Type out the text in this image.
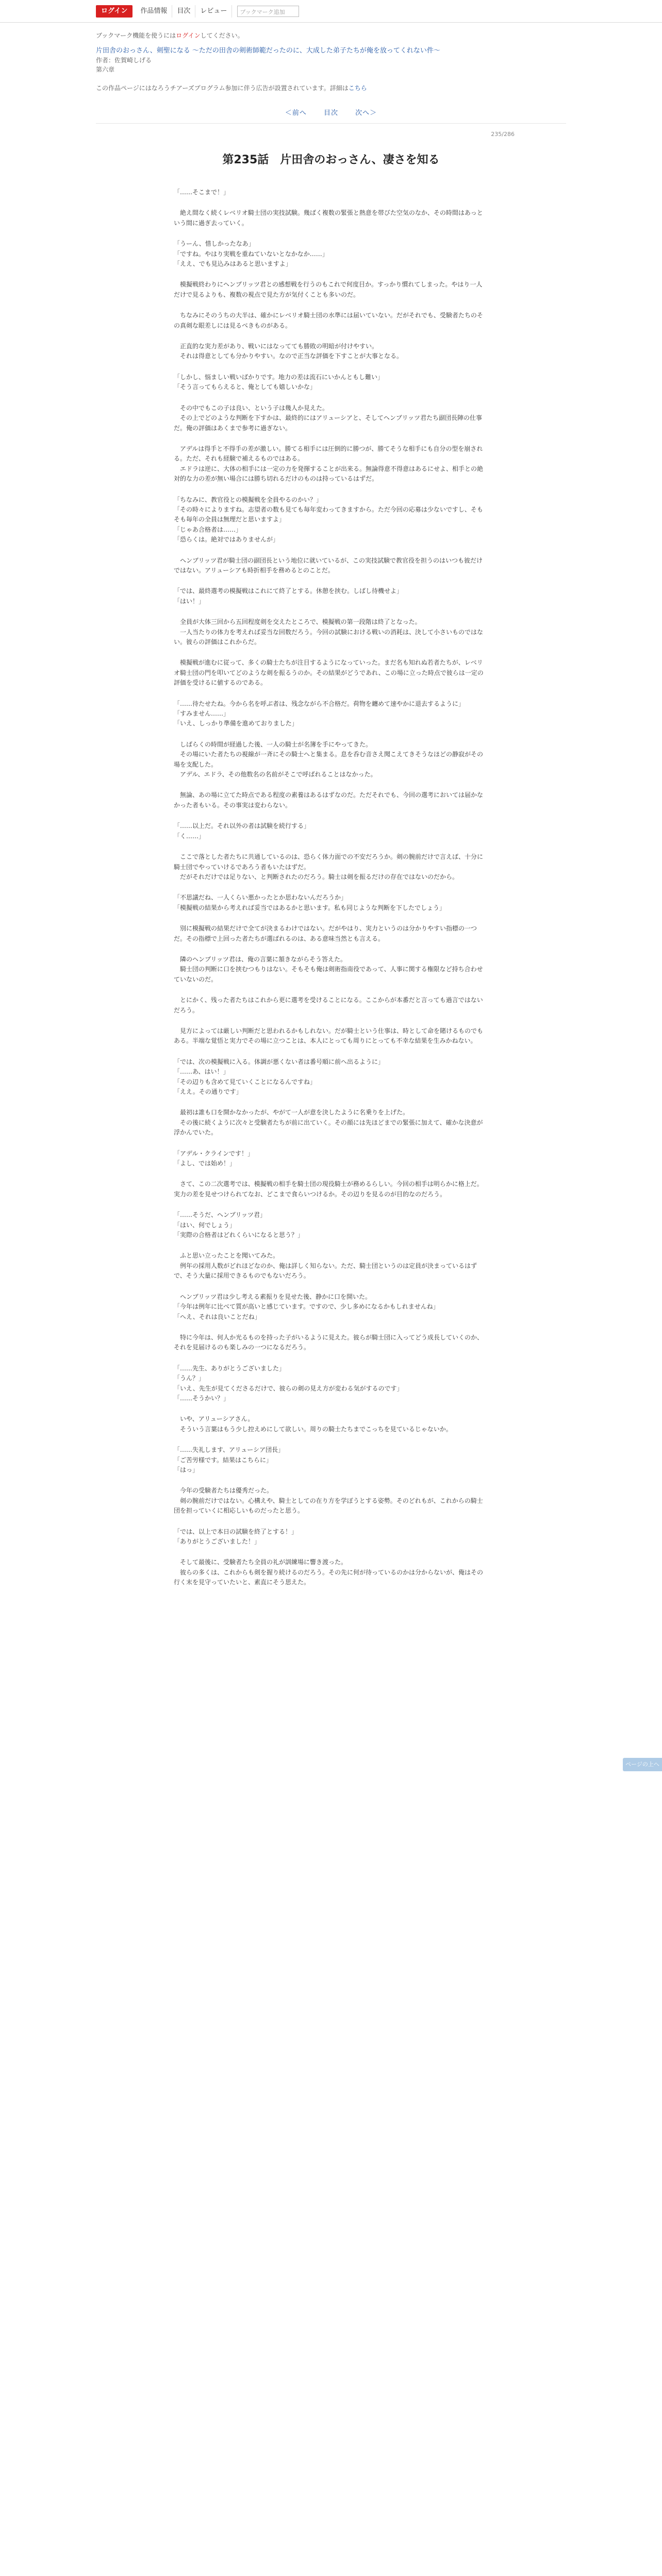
ログイン	作品情報	目次	レビュー	ブックマーク追加
ブックマーク機能を使うにはログインしてください。
片田舎のおっさん、剣聖になる 〜ただの田舎の剣術師範だったのに、大成した弟子たちが俺を放ってくれない件〜
作者：佐賀崎しげる
第六章
この作品ページにはなろうチアーズプログラム参加に伴う広告が設置されています。詳細はこちら
＜前へ	目次	次へ＞
235/286
第235話　片田舎のおっさん、凄さを知る

「……そこまで！」

　絶え間なく続くレベリオ騎士団の実技試験。幾ばく複数の緊張と熱意を帯びた空気のなか、その時間はあっという間に過ぎ去っていく。

「うーん、惜しかったなあ」
「ですね。やはり実戦を重ねていないとなかなか……」
「ええ、でも見込みはあると思いますよ」

　模擬戦終わりにヘンブリッツ君との感想戦を行うのもこれで何度目か。すっかり慣れてしまった。やはり一人だけで見るよりも、複数の視点で見た方が気付くことも多いのだ。

　ちなみにそのうちの大半は、確かにレベリオ騎士団の水準には届いていない。だがそれでも、受験者たちのその真剣な眼差しには見るべきものがある。

　正直的な実力差があり、戦いにはなってても勝敗の明暗が付けやすい。
　それは得意としても分かりやすい。なので正当な評価を下すことが大事となる。

「しかし、悩ましい戦いばかりです。地力の差は流石にいかんともし難い」
「そう言ってもらえると、俺としても嬉しいかな」

　その中でもこの子は良い、という子は幾人か見えた。
　その上でどのような判断を下すかは、最終的にはアリューシアと、そしてヘンブリッツ君たち副団長陣の仕事だ。俺の評価はあくまで参考に過ぎない。

　アデルは得手と不得手の差が激しい。勝てる相手には圧倒的に勝つが、勝てそうな相手にも自分の型を崩される。ただ、それも経験で補えるものではある。
　エドラは逆に、大体の相手には一定の力を発揮することが出来る。無論得意不得意はあるにせよ、相手との絶対的な力の差が無い場合には勝ち切れるだけのものは持っているはずだ。

「ちなみに、教官役との模擬戦を全員やるのかい？」
「その時々によりますね。志望者の数も見ても毎年変わってきますから。ただ今回の応募は少ないですし、そもそも毎年の全員は無理だと思いますよ」
「じゃあ合格者は……」
「恐らくは。絶対ではありませんが」

　ヘンブリッツ君が騎士団の副団長という地位に就いているが、この実技試験で教官役を担うのはいつも彼だけではない。アリューシアも時折相手を務めるとのことだ。

「では、最終選考の模擬戦はこれにて終了とする。休憩を挟む。しばし待機せよ」
「はい！」

　全員が大体三回から五回程度剣を交えたところで、模擬戦の第一段階は終了となった。
　一人当たりの体力を考えれば妥当な回数だろう。今回の試験における戦いの消耗は、決して小さいものではない。彼らの評価はこれからだ。

　模擬戦が進むに従って、多くの騎士たちが注目するようになっていった。まだ名も知れぬ若者たちが、レベリオ騎士団の門を叩いてどのような剣を振るうのか。その結果がどうであれ、この場に立った時点で彼らは一定の評価を受けるに値するのである。

「……待たせたね。今から名を呼ぶ者は、残念ながら不合格だ。荷物を纏めて速やかに退去するように」
「すみません……」
「いえ、しっかり準備を進めておりました」

　しばらくの時間が経過した後、一人の騎士が名簿を手にやってきた。
　その場にいた者たちの視線が一斉にその騎士へと集まる。息を呑む音さえ聞こえてきそうなほどの静寂がその場を支配した。
　アデル、エドラ、その他数名の名前がそこで呼ばれることはなかった。

　無論、あの場に立てた時点である程度の素養はあるはずなのだ。ただそれでも、今回の選考においては届かなかった者もいる。その事実は変わらない。

「……以上だ。それ以外の者は試験を続行する」
「く……」

　ここで落とした者たちに共通しているのは、恐らく体力面での不安だろうか。剣の腕前だけで言えば、十分に騎士団でやっていけるであろう者もいたはずだ。
　だがそれだけでは足りない、と判断されたのだろう。騎士は剣を振るだけの存在ではないのだから。

「不思議だね、一人くらい悪かったとか思わないんだろうか」
「模擬戦の結果から考えれば妥当ではあるかと思います。私も同じような判断を下したでしょう」

　別に模擬戦の結果だけで全てが決まるわけではない。だがやはり、実力というのは分かりやすい指標の一つだ。その指標で上回った者たちが選ばれるのは、ある意味当然とも言える。

　隣のヘンブリッツ君は、俺の言葉に頷きながらそう答えた。
　騎士団の判断に口を挟むつもりはない。そもそも俺は剣術指南役であって、人事に関する権限など持ち合わせていないのだ。

　とにかく、残った者たちはこれから更に選考を受けることになる。ここからが本番だと言っても過言ではないだろう。

　見方によっては厳しい判断だと思われるかもしれない。だが騎士という仕事は、時として命を賭けるものでもある。半端な覚悟と実力でその場に立つことは、本人にとっても周りにとっても不幸な結果を生みかねない。

「では、次の模擬戦に入る。体調が悪くない者は番号順に前へ出るように」
「……あ、はい！」
「その辺りも含めて見ていくことになるんですね」
「ええ。その通りです」

　最初は誰も口を開かなかったが、やがて一人が意を決したように名乗りを上げた。
　その後に続くように次々と受験者たちが前に出ていく。その顔には先ほどまでの緊張に加えて、確かな決意が浮かんでいた。

「アデル・クラインです！」
「よし、では始め！」

　さて、この二次選考では、模擬戦の相手を騎士団の現役騎士が務めるらしい。今回の相手は明らかに格上だ。実力の差を見せつけられてなお、どこまで食らいつけるか。その辺りを見るのが目的なのだろう。

「……そうだ、ヘンブリッツ君」
「はい、何でしょう」
「実際の合格者はどれくらいになると思う？」

　ふと思い立ったことを聞いてみた。
　例年の採用人数がどれほどなのか、俺は詳しく知らない。ただ、騎士団というのは定員が決まっているはずで、そう大量に採用できるものでもないだろう。

　ヘンブリッツ君は少し考える素振りを見せた後、静かに口を開いた。
「今年は例年に比べて質が高いと感じています。ですので、少し多めになるかもしれませんね」
「へえ、それは良いことだね」

　特に今年は、何人か光るものを持った子がいるように見えた。彼らが騎士団に入ってどう成長していくのか、それを見届けるのも楽しみの一つになるだろう。

「……先生、ありがとうございました」
「うん？」
「いえ、先生が見てくださるだけで、彼らの剣の見え方が変わる気がするのです」
「……そうかい？」

　いや、アリューシアさん。
　そういう言葉はもう少し控えめにして欲しい。周りの騎士たちまでこっちを見ているじゃないか。

「……失礼します、アリューシア団長」
「ご苦労様です。結果はこちらに」
「はっ」

　今年の受験者たちは優秀だった。
　剣の腕前だけではない。心構えや、騎士としての在り方を学ぼうとする姿勢。そのどれもが、これからの騎士団を担っていくに相応しいものだったと思う。

「では、以上で本日の試験を終了とする！」
「ありがとうございました！」

　そして最後に、受験者たち全員の礼が訓練場に響き渡った。
　彼らの多くは、これからも剣を握り続けるのだろう。その先に何が待っているのかは分からないが、俺はその行く末を見守っていたいと、素直にそう思えた。

ページの上へ
